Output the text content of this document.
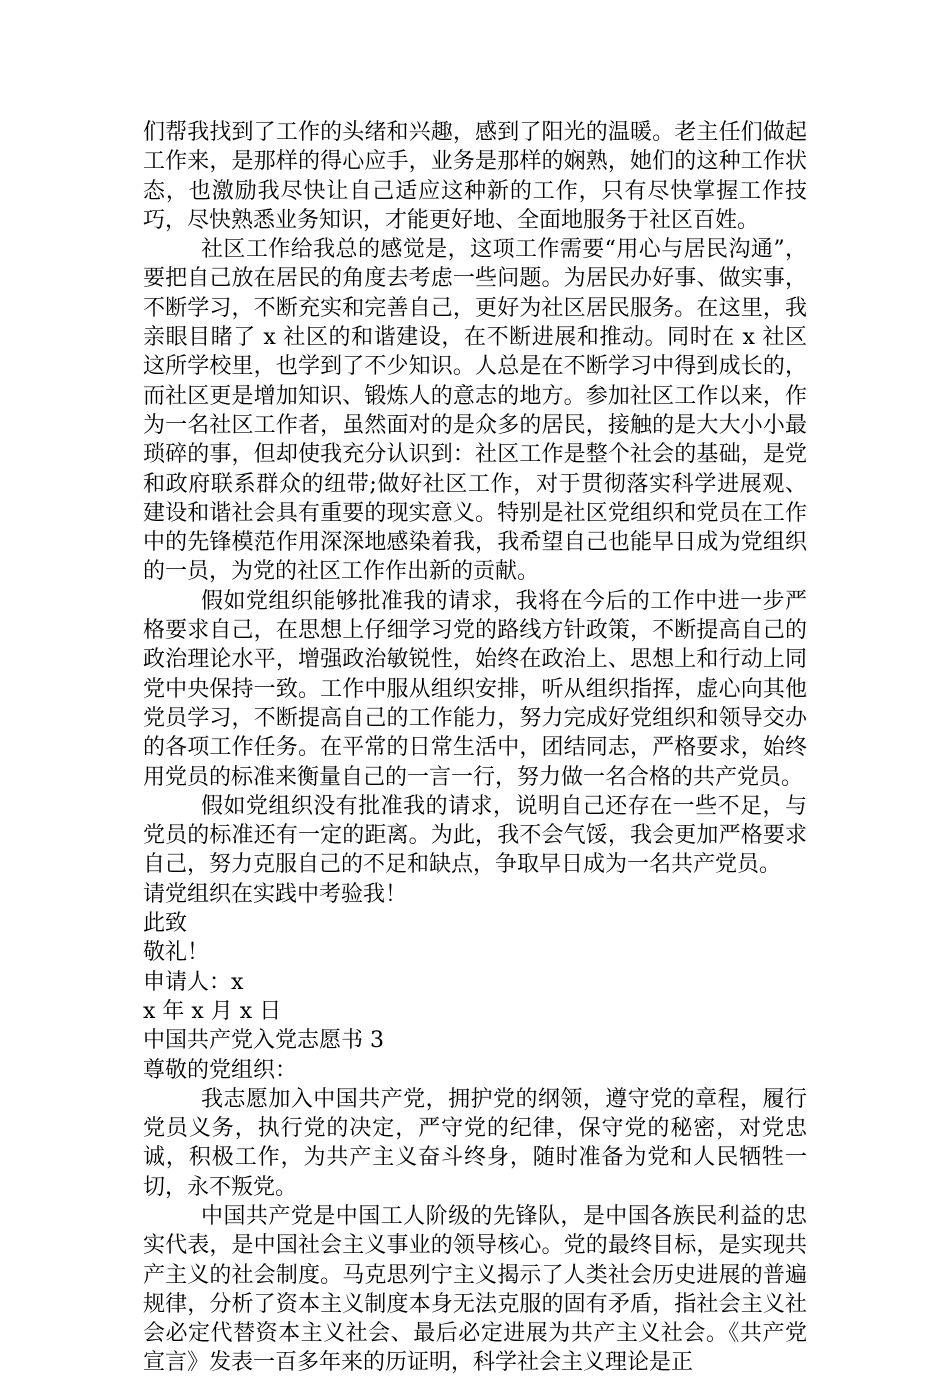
们帮我找到了工作的头绪和兴趣，感到了阳光的温暖。老主任们做起工作来，是那样的得心应手，业务是那样的娴熟，她们的这种工作状态，也激励我尽快让自己适应这种新的工作，只有尽快掌握工作技巧，尽快熟悉业务知识，才能更好地、全面地服务于社区百姓。

社区工作给我总的感觉是，这项工作需要“用心与居民沟通”，要把自己放在居民的角度去考虑一些问题。为居民办好事、做实事，不断学习，不断充实和完善自己，更好为社区居民服务。在这里，我亲眼目睹了 x 社区的和谐建设，在不断进展和推动。同时在 x 社区这所学校里，也学到了不少知识。人总是在不断学习中得到成长的，而社区更是增加知识、锻炼人的意志的地方。参加社区工作以来，作为一名社区工作者，虽然面对的是众多的居民，接触的是大大小小最琐碎的事，但却使我充分认识到：社区工作是整个社会的基础，是党和政府联系群众的纽带;做好社区工作，对于贯彻落实科学进展观、建设和谐社会具有重要的现实意义。特别是社区党组织和党员在工作中的先锋模范作用深深地感染着我，我希望自己也能早日成为党组织的一员，为党的社区工作作出新的贡献。

假如党组织能够批准我的请求，我将在今后的工作中进一步严格要求自己，在思想上仔细学习党的路线方针政策，不断提高自己的政治理论水平，增强政治敏锐性，始终在政治上、思想上和行动上同党中央保持一致。工作中服从组织安排，听从组织指挥，虚心向其他党员学习，不断提高自己的工作能力，努力完成好党组织和领导交办的各项工作任务。在平常的日常生活中，团结同志，严格要求，始终用党员的标准来衡量自己的一言一行，努力做一名合格的共产党员。

假如党组织没有批准我的请求，说明自己还存在一些不足，与党员的标准还有一定的距离。为此，我不会气馁，我会更加严格要求自己，努力克服自己的不足和缺点，争取早日成为一名共产党员。

请党组织在实践中考验我！

此致

敬礼！

申请人：x

x 年 x 月 x 日

中国共产党入党志愿书 3

尊敬的党组织：

我志愿加入中国共产党，拥护党的纲领，遵守党的章程，履行党员义务，执行党的决定，严守党的纪律，保守党的秘密，对党忠诚，积极工作，为共产主义奋斗终身，随时准备为党和人民牺牲一切，永不叛党。

中国共产党是中国工人阶级的先锋队，是中国各族民利益的忠实代表，是中国社会主义事业的领导核心。党的最终目标，是实现共产主义的社会制度。马克思列宁主义揭示了人类社会历史进展的普遍规律，分析了资本主义制度本身无法克服的固有矛盾，指社会主义社会必定代替资本主义社会、最后必定进展为共产主义社会。《共产党宣言》发表一百多年来的历证明，科学社会主义理论是正
